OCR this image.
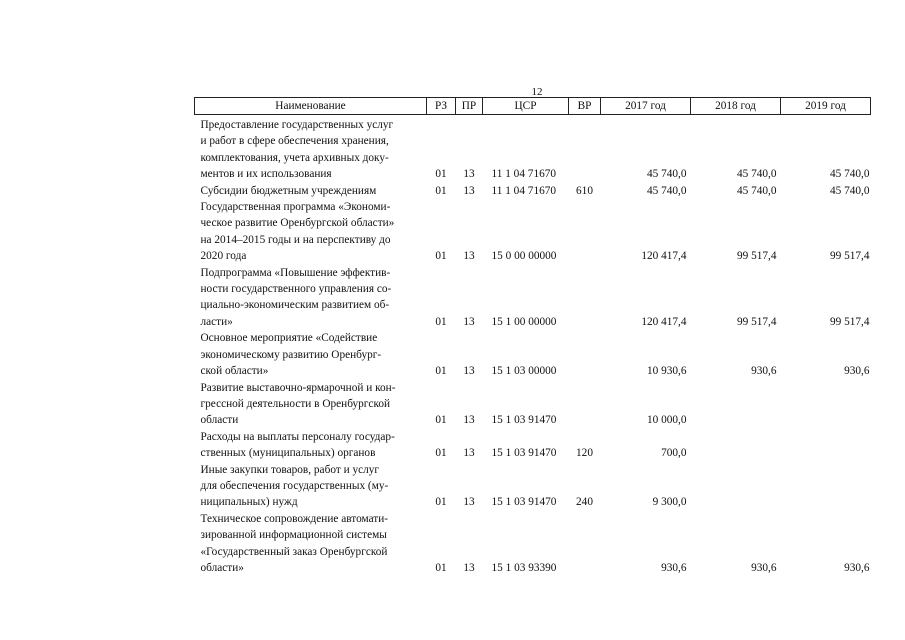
12
Наименование	РЗ	ПР	ЦСР	ВР	2017 год	2018 год	2019 год
Предоставление государственных услуг
и работ в сфере обеспечения хранения,
комплектования, учета архивных доку-
ментов и их использования	01	13	11 1 04 71670		45 740,0	45 740,0	45 740,0
Субсидии бюджетным учреждениям	01	13	11 1 04 71670	610	45 740,0	45 740,0	45 740,0
Государственная программа «Экономи-
ческое развитие Оренбургской области»
на 2014–2015 годы и на перспективу до
2020 года	01	13	15 0 00 00000		120 417,4	99 517,4	99 517,4
Подпрограмма «Повышение эффектив-
ности государственного управления со-
циально-экономическим развитием об-
ласти»	01	13	15 1 00 00000		120 417,4	99 517,4	99 517,4
Основное мероприятие «Содействие
экономическому развитию Оренбург-
ской области»	01	13	15 1 03 00000		10 930,6	930,6	930,6
Развитие выставочно-ярмарочной и кон-
грессной деятельности в Оренбургской
области	01	13	15 1 03 91470		10 000,0		
Расходы на выплаты персоналу государ-
ственных (муниципальных) органов	01	13	15 1 03 91470	120	700,0		
Иные закупки товаров, работ и услуг
для обеспечения государственных (му-
ниципальных) нужд	01	13	15 1 03 91470	240	9 300,0		
Техническое сопровождение автомати-
зированной информационной системы
«Государственный заказ Оренбургской
области»	01	13	15 1 03 93390		930,6	930,6	930,6
